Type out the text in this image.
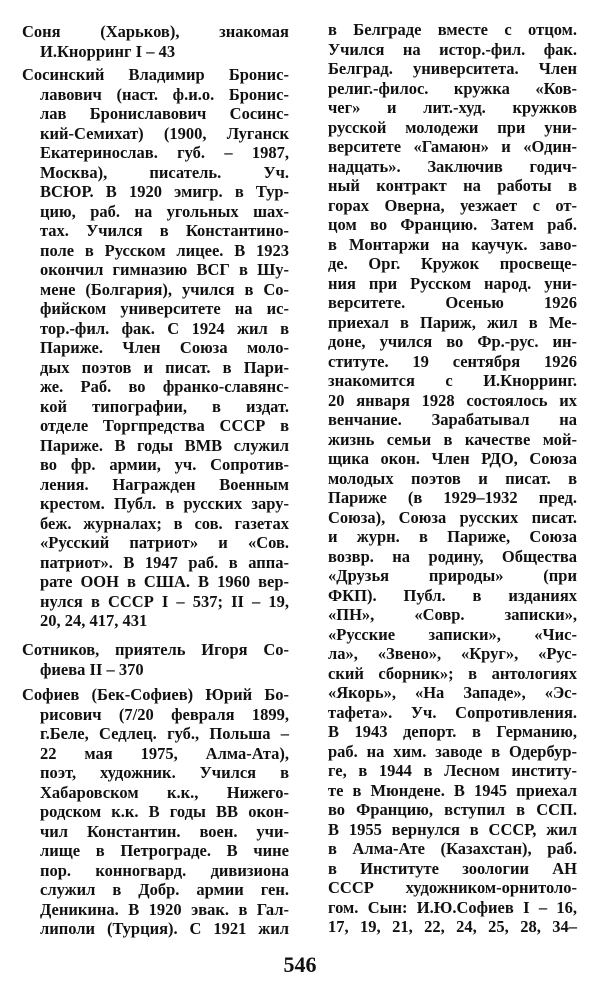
Соня (Харьков), знакомая
И.Кнорринг I – 43
Сосинский Владимир Бронис-
лавович (наст. ф.и.о. Бронис-
лав Брониславович Сосинс-
кий-Семихат) (1900, Луганск
Екатеринослав. губ. – 1987,
Москва), писатель. Уч.
ВСЮР. В 1920 эмигр. в Тур-
цию, раб. на угольных шах-
тах. Учился в Константино-
поле в Русском лицее. В 1923
окончил гимназию ВСГ в Шу-
мене (Болгария), учился в Со-
фийском университете на ис-
тор.-фил. фак. С 1924 жил в
Париже. Член Союза моло-
дых поэтов и писат. в Пари-
же. Раб. во франко-славянс-
кой типографии, в издат.
отделе Торгпредства СССР в
Париже. В годы ВМВ служил
во фр. армии, уч. Сопротив-
ления. Награжден Военным
крестом. Публ. в русских зару-
беж. журналах; в сов. газетах
«Русский патриот» и «Сов.
патриот». В 1947 раб. в аппа-
рате ООН в США. В 1960 вер-
нулся в СССР I – 537; II – 19,
20, 24, 417, 431
Сотников, приятель Игоря Со-
фиева II – 370
Софиев (Бек-Софиев) Юрий Бо-
рисович (7/20 февраля 1899,
г.Беле, Седлец. губ., Польша –
22 мая 1975, Алма-Ата),
поэт, художник. Учился в
Хабаровском к.к., Нижего-
родском к.к. В годы ВВ окон-
чил Константин. воен. учи-
лище в Петрограде. В чине
пор. конногвард. дивизиона
служил в Добр. армии ген.
Деникина. В 1920 эвак. в Гал-
липоли (Турция). С 1921 жил
в Белграде вместе с отцом.
Учился на истор.-фил. фак.
Белград. университета. Член
религ.-филос. кружка «Ков-
чег» и лит.-худ. кружков
русской молодежи при уни-
верситете «Гамаюн» и «Один-
надцать». Заключив годич-
ный контракт на работы в
горах Оверна, уезжает с от-
цом во Францию. Затем раб.
в Монтаржи на каучук. заво-
де. Орг. Кружок просвеще-
ния при Русском народ. уни-
верситете. Осенью 1926
приехал в Париж, жил в Ме-
доне, учился во Фр.-рус. ин-
ституте. 19 сентября 1926
знакомится с И.Кнорринг.
20 января 1928 состоялось их
венчание. Зарабатывал на
жизнь семьи в качестве мой-
щика окон. Член РДО, Союза
молодых поэтов и писат. в
Париже (в 1929–1932 пред.
Союза), Союза русских писат.
и журн. в Париже, Союза
возвр. на родину, Общества
«Друзья природы» (при
ФКП). Публ. в изданиях
«ПН», «Совр. записки»,
«Русские записки», «Чис-
ла», «Звено», «Круг», «Рус-
ский сборник»; в антологиях
«Якорь», «На Западе», «Эс-
тафета». Уч. Сопротивления.
В 1943 депорт. в Германию,
раб. на хим. заводе в Одербур-
ге, в 1944 в Лесном институ-
те в Мюндене. В 1945 приехал
во Францию, вступил в ССП.
В 1955 вернулся в СССР, жил
в Алма-Ате (Казахстан), раб.
в Институте зоологии АН
СССР художником-орнитоло-
гом. Сын: И.Ю.Софиев I – 16,
17, 19, 21, 22, 24, 25, 28, 34–
546
